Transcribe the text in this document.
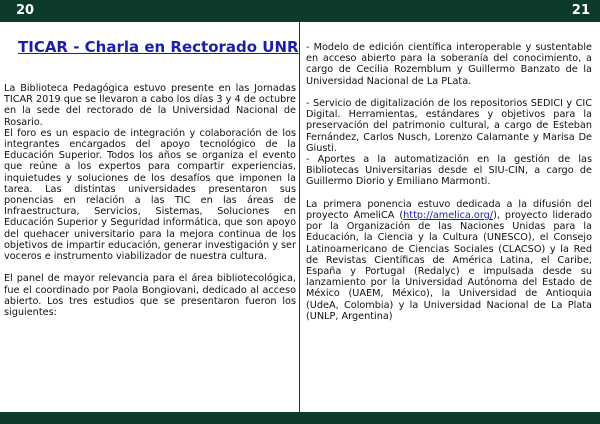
20
TICAR - Charla en Rectorado UNR

La Biblioteca Pedagógica estuvo presente en las Jornadas TICAR 2019 que se llevaron a cabo los días 3 y 4 de octubre en la sede del rectorado de la Universidad Nacional de Rosario.

El foro es un espacio de integración y colaboración de los integrantes encargados del apoyo tecnológico de la Educación Superior. Todos los años se organiza el evento que reúne a los expertos para compartir experiencias, inquietudes y soluciones de los desafíos que imponen la tarea. Las distintas universidades presentaron sus ponencias en relación a las TIC en las áreas de Infraestructura, Servicios, Sistemas, Soluciones en Educación Superior y Seguridad informática, que son apoyo del quehacer universitario para la mejora continua de los objetivos de impartir educación, generar investigación y ser voceros e instrumento viabilizador de nuestra cultura.

El panel de mayor relevancia para el área bibliotecológica, fue el coordinado por Paola Bongiovani, dedicado al acceso abierto. Los tres estudios que se presentaron fueron los siguientes:

21

- Modelo de edición científica interoperable y sustentable en acceso abierto para la soberanía del conocimiento, a cargo de Cecilia Rozemblum y Guillermo Banzato de la Universidad Nacional de La PLata.

- Servicio de digitalización de los repositorios SEDICI y CIC Digital. Herramientas, estándares y objetivos para la preservación del patrimonio cultural, a cargo de Esteban Fernández, Carlos Nusch, Lorenzo Calamante y Marisa De Giusti.

- Aportes a la automatización en la gestión de las Bibliotecas Universitarias desde el SIU-CIN, a cargo de Guillermo Diorio y Emiliano Marmonti.

La primera ponencia estuvo dedicada a la difusión del proyecto AmeliCA (http://amelica.org/), proyecto liderado por la Organización de las Naciones Unidas para la Educación, la Ciencia y la Cultura (UNESCO), el Consejo Latinoamericano de Ciencias Sociales (CLACSO) y la Red de Revistas Científicas de América Latina, el Caribe, España y Portugal (Redalyc) e impulsada desde su lanzamiento por la Universidad Autónoma del Estado de México (UAEM, México), la Universidad de Antioquia (UdeA, Colombia) y la Universidad Nacional de La Plata (UNLP, Argentina)
